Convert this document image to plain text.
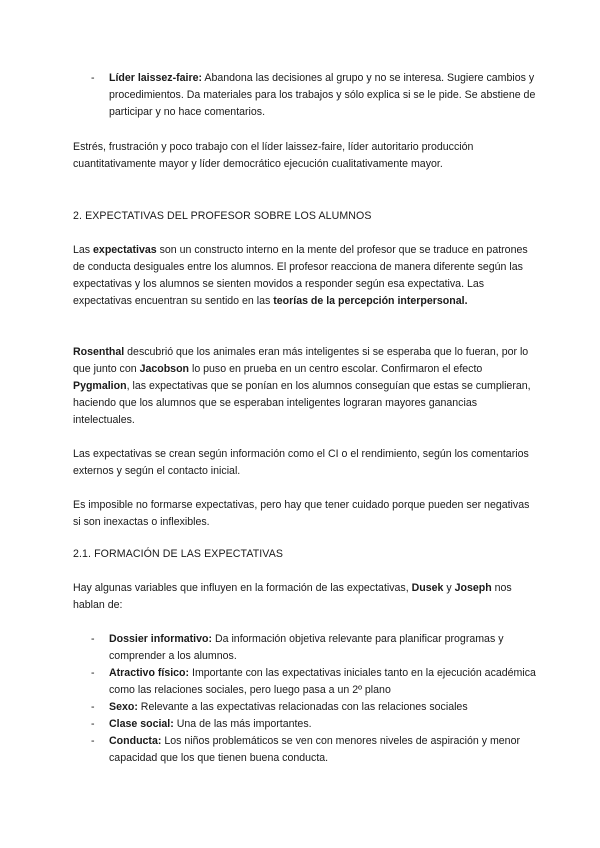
-	Líder laissez-faire: Abandona las decisiones al grupo y no se interesa. Sugiere cambios y procedimientos. Da materiales para los trabajos y sólo explica si se le pide. Se abstiene de participar y no hace comentarios.

Estrés, frustración y poco trabajo con el líder laissez-faire, líder autoritario producción cuantitativamente mayor y líder democrático ejecución cualitativamente mayor.

2. EXPECTATIVAS DEL PROFESOR SOBRE LOS ALUMNOS

Las expectativas son un constructo interno en la mente del profesor que se traduce en patrones de conducta desiguales entre los alumnos. El profesor reacciona de manera diferente según las expectativas y los alumnos se sienten movidos a responder según esa expectativa. Las expectativas encuentran su sentido en las teorías de la percepción interpersonal.

Rosenthal descubrió que los animales eran más inteligentes si se esperaba que lo fueran, por lo que junto con Jacobson lo puso en prueba en un centro escolar. Confirmaron el efecto Pygmalion, las expectativas que se ponían en los alumnos conseguían que estas se cumplieran, haciendo que los alumnos que se esperaban inteligentes lograran mayores ganancias intelectuales.

Las expectativas se crean según información como el CI o el rendimiento, según los comentarios externos y según el contacto inicial.

Es imposible no formarse expectativas, pero hay que tener cuidado porque pueden ser negativas si son inexactas o inflexibles.

2.1. FORMACIÓN DE LAS EXPECTATIVAS

Hay algunas variables que influyen en la formación de las expectativas, Dusek y Joseph nos hablan de:

-	Dossier informativo: Da información objetiva relevante para planificar programas y comprender a los alumnos.
-	Atractivo físico: Importante con las expectativas iniciales tanto en la ejecución académica como las relaciones sociales, pero luego pasa a un 2º plano
-	Sexo: Relevante a las expectativas relacionadas con las relaciones sociales
-	Clase social: Una de las más importantes.
-	Conducta: Los niños problemáticos se ven con menores niveles de aspiración y menor capacidad que los que tienen buena conducta.
